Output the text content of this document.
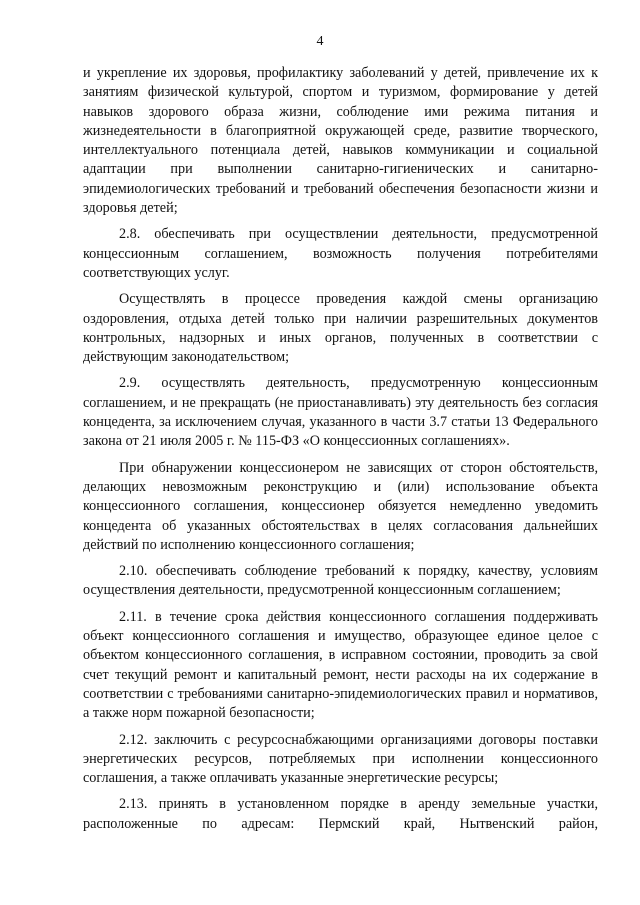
4

и укрепление их здоровья, профилактику заболеваний у детей, привлечение их к занятиям физической культурой, спортом и туризмом, формирование у детей навыков здорового образа жизни, соблюдение ими режима питания и жизнедеятельности в благоприятной окружающей среде, развитие творческого, интеллектуального потенциала детей, навыков коммуникации и социальной адаптации при выполнении санитарно-гигиенических и санитарно-эпидемиологических требований и требований обеспечения безопасности жизни и здоровья детей;

2.8. обеспечивать при осуществлении деятельности, предусмотренной концессионным соглашением, возможность получения потребителями соответствующих услуг.

Осуществлять в процессе проведения каждой смены организацию оздоровления, отдыха детей только при наличии разрешительных документов контрольных, надзорных и иных органов, полученных в соответствии с действующим законодательством;

2.9. осуществлять деятельность, предусмотренную концессионным соглашением, и не прекращать (не приостанавливать) эту деятельность без согласия концедента, за исключением случая, указанного в части 3.7 статьи 13 Федерального закона от 21 июля 2005 г. № 115-ФЗ «О концессионных соглашениях».

При обнаружении концессионером не зависящих от сторон обстоятельств, делающих невозможным реконструкцию и (или) использование объекта концессионного соглашения, концессионер обязуется немедленно уведомить концедента об указанных обстоятельствах в целях согласования дальнейших действий по исполнению концессионного соглашения;

2.10. обеспечивать соблюдение требований к порядку, качеству, условиям осуществления деятельности, предусмотренной концессионным соглашением;

2.11. в течение срока действия концессионного соглашения поддерживать объект концессионного соглашения и имущество, образующее единое целое с объектом концессионного соглашения, в исправном состоянии, проводить за свой счет текущий ремонт и капитальный ремонт, нести расходы на их содержание в соответствии с требованиями санитарно-эпидемиологических правил и нормативов, а также норм пожарной безопасности;

2.12. заключить с ресурсоснабжающими организациями договоры поставки энергетических ресурсов, потребляемых при исполнении концессионного соглашения, а также оплачивать указанные энергетические ресурсы;

2.13. принять в установленном порядке в аренду земельные участки, расположенные по адресам: Пермский край, Нытвенский район,
